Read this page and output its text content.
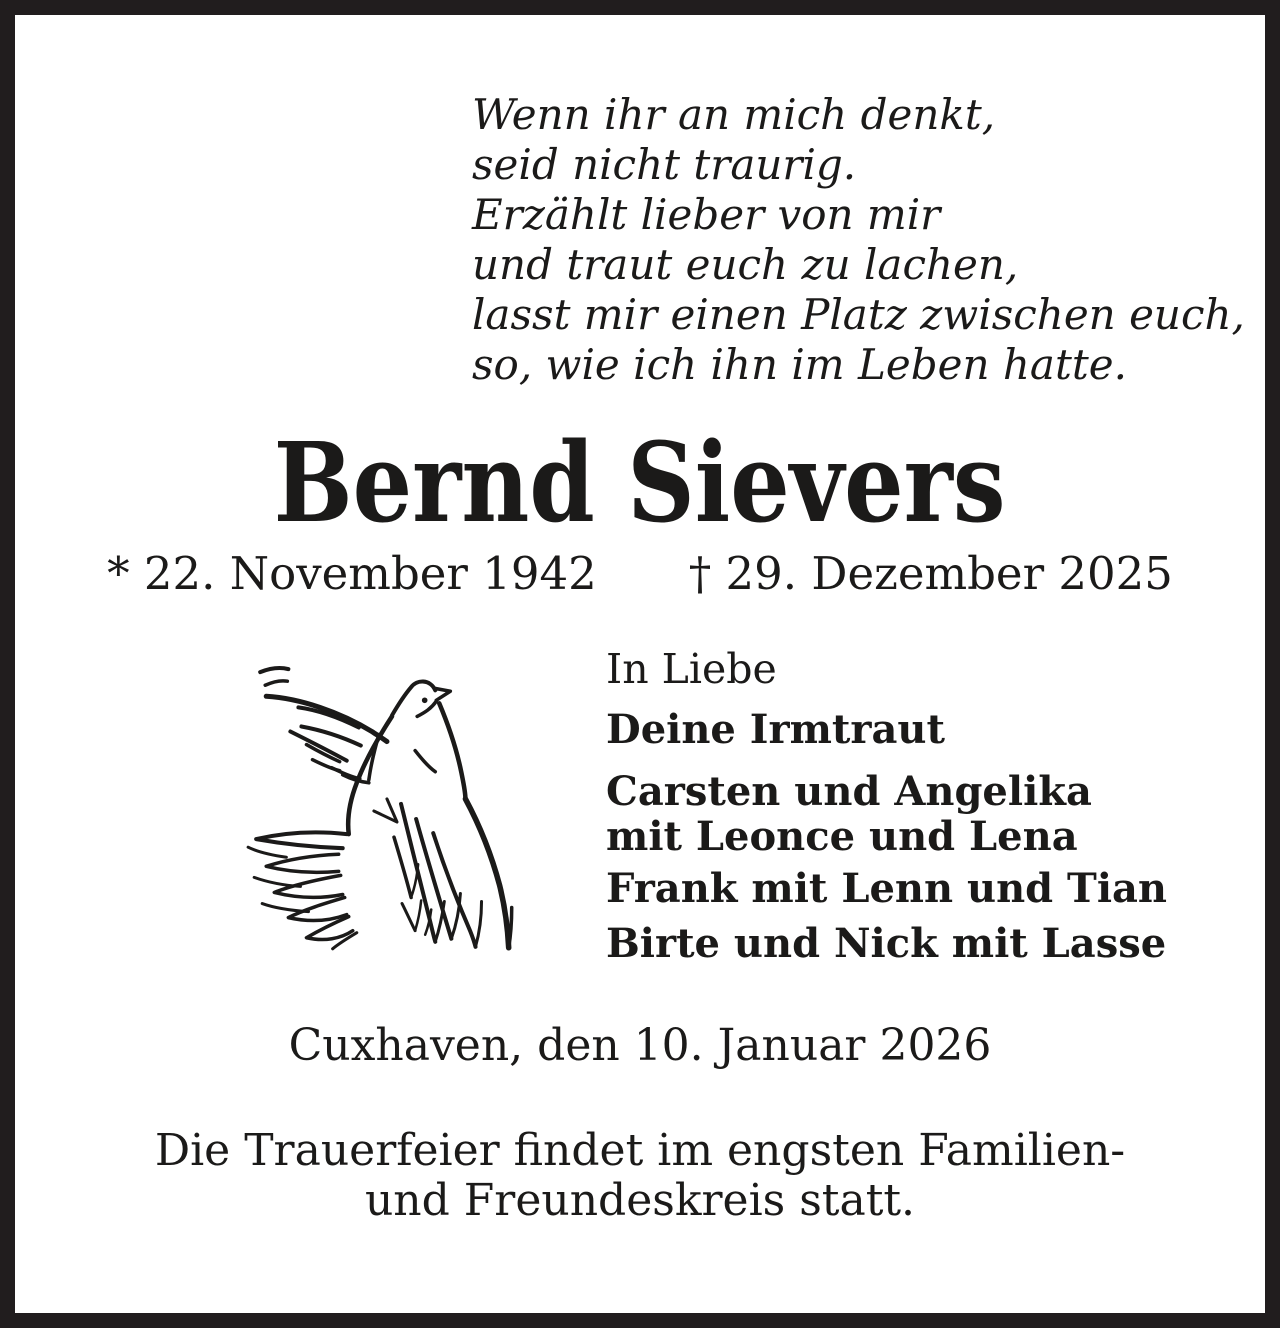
Wenn ihr an mich denkt,
seid nicht traurig.
Erzählt lieber von mir
und traut euch zu lachen,
lasst mir einen Platz zwischen euch,
so, wie ich ihn im Leben hatte.
Bernd Sievers
* 22. November 1942 † 29. Dezember 2025
In Liebe
Deine Irmtraut
Carsten und Angelika
mit Leonce und Lena
Frank mit Lenn und Tian
Birte und Nick mit Lasse
Cuxhaven, den 10. Januar 2026
Die Trauerfeier findet im engsten Familien-
und Freundeskreis statt.
